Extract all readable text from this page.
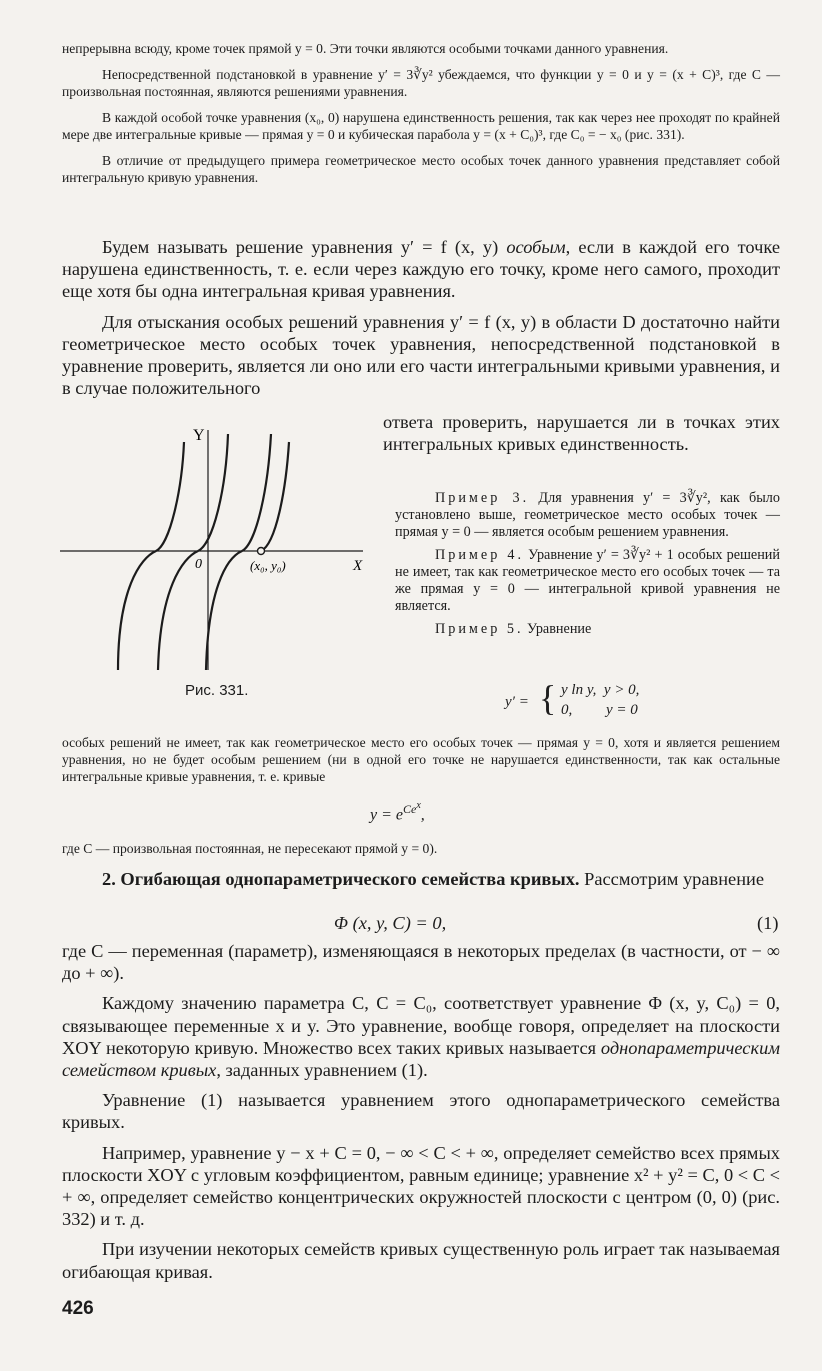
непрерывна всюду, кроме точек прямой y = 0. Эти точки являются особыми точками данного уравнения.

Непосредственной подстановкой в уравнение y′ = 3∛y² убеждаемся, что функции y = 0 и y = (x + C)³, где C — произвольная постоянная, являются решениями уравнения.

В каждой особой точке уравнения (x₀, 0) нарушена единственность решения, так как через нее проходят по крайней мере две интегральные кривые — прямая y = 0 и кубическая парабола y = (x + C₀)³, где C₀ = − x₀ (рис. 331).

В отличие от предыдущего примера геометрическое место особых точек данного уравнения представляет собой интегральную кривую уравнения.

Будем называть решение уравнения y′ = f (x, y) особым, если в каждой его точке нарушена единственность, т. е. если через каждую его точку, кроме него самого, проходит еще хотя бы одна интегральная кривая уравнения.

Для отыскания особых решений уравнения y′ = f (x, y) в области D достаточно найти геометрическое место особых точек уравнения, непосредственной подстановкой в уравнение проверить, является ли оно или его части интегральными кривыми уравнения, и в случае положительного

ответа проверить, нарушается ли в точках этих интегральных кривых единственность.

Y
X
0	(x₀, y₀)
Рис. 331.

Пример 3. Для уравнения y′ = 3∛y², как было установлено выше, геометрическое место особых точек — прямая y = 0 — является особым решением уравнения.

Пример 4. Уравнение y′ = 3∛y² + 1 особых решений не имеет, так как геометрическое место его особых точек — та же прямая y = 0 — интегральной кривой уравнения не является.

Пример 5. Уравнение

y′ = { y ln y,  y > 0,
0,         y = 0

особых решений не имеет, так как геометрическое место его особых точек — прямая y = 0, хотя и является решением уравнения, но не будет особым решением (ни в одной его точке не нарушается единственности, так как остальные интегральные кривые уравнения, т. е. кривые

$y = e^{Ce^x}$,

где C — произвольная постоянная, не пересекают прямой y = 0).

2. Огибающая однопараметрического семейства кривых. Рассмотрим уравнение

Φ (x, y, C) = 0,	(1)

где C — переменная (параметр), изменяющаяся в некоторых пределах (в частности, от − ∞ до + ∞).

Каждому значению параметра C, C = C₀, соответствует уравнение Φ (x, y, C₀) = 0, связывающее переменные x и y. Это уравнение, вообще говоря, определяет на плоскости XOY некоторую кривую. Множество всех таких кривых называется однопараметрическим семейством кривых, заданных уравнением (1).

Уравнение (1) называется уравнением этого однопараметрического семейства кривых.

Например, уравнение y − x + C = 0, − ∞ < C < + ∞, определяет семейство всех прямых плоскости XOY с угловым коэффициентом, равным единице; уравнение x² + y² = C, 0 < C < + ∞, определяет семейство концентрических окружностей плоскости с центром (0, 0) (рис. 332) и т. д.

При изучении некоторых семейств кривых существенную роль играет так называемая огибающая кривая.

426
